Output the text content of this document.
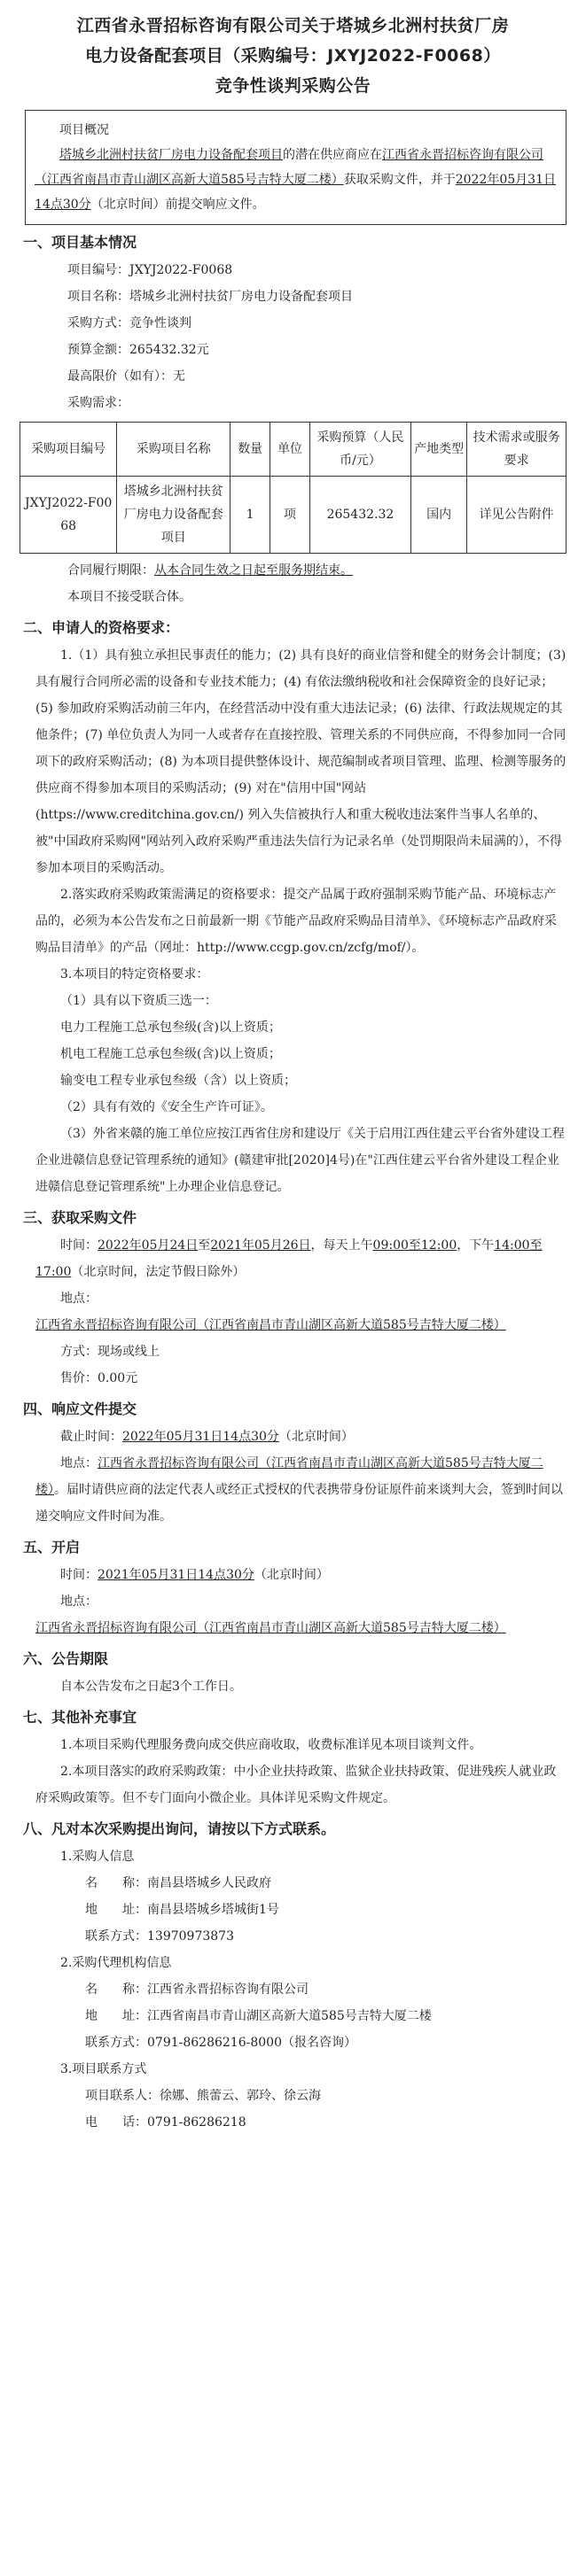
江西省永晋招标咨询有限公司关于塔城乡北洲村扶贫厂房
电力设备配套项目（采购编号：JXYJ2022-F0068）
竞争性谈判采购公告
项目概况
塔城乡北洲村扶贫厂房电力设备配套项目的潜在供应商应在江西省永晋招标咨询有限公司（江西省南昌市青山湖区高新大道585号吉特大厦二楼）获取采购文件，并于2022年05月31日14点30分（北京时间）前提交响应文件。
一、项目基本情况

项目编号：JXYJ2022-F0068

项目名称：塔城乡北洲村扶贫厂房电力设备配套项目

采购方式：竞争性谈判

预算金额：265432.32元

最高限价（如有）：无

采购需求：

采购项目编号	采购项目名称	数量	单位	采购预算（人民币/元）	产地类型	技术需求或服务要求
JXYJ2022-F0068	塔城乡北洲村扶贫厂房电力设备配套项目	1	项	265432.32	国内	详见公告附件

合同履行期限：从本合同生效之日起至服务期结束。

本项目不接受联合体。

二、申请人的资格要求：

1.（1）具有独立承担民事责任的能力；(2) 具有良好的商业信誉和健全的财务会计制度；(3) 具有履行合同所必需的设备和专业技术能力；(4) 有依法缴纳税收和社会保障资金的良好记录；(5) 参加政府采购活动前三年内，在经营活动中没有重大违法记录；(6) 法律、行政法规规定的其他条件；(7) 单位负责人为同一人或者存在直接控股、管理关系的不同供应商，不得参加同一合同项下的政府采购活动；(8) 为本项目提供整体设计、规范编制或者项目管理、监理、检测等服务的供应商不得参加本项目的采购活动；(9) 对在"信用中国"网站 (https://www.creditchina.gov.cn/) 列入失信被执行人和重大税收违法案件当事人名单的、被"中国政府采购网"网站列入政府采购严重违法失信行为记录名单（处罚期限尚未届满的），不得参加本项目的采购活动。

2.落实政府采购政策需满足的资格要求：提交产品属于政府强制采购节能产品、环境标志产品的，必须为本公告发布之日前最新一期《节能产品政府采购品目清单》、《环境标志产品政府采购品目清单》的产品（网址：http://www.ccgp.gov.cn/zcfg/mof/）。

3.本项目的特定资格要求：

（1）具有以下资质三选一：

电力工程施工总承包叁级(含)以上资质；

机电工程施工总承包叁级(含)以上资质；

输变电工程专业承包叁级（含）以上资质；

（2）具有有效的《安全生产许可证》。

（3）外省来赣的施工单位应按江西省住房和建设厅《关于启用江西住建云平台省外建设工程企业进赣信息登记管理系统的通知》(赣建审批[2020]4号)在"江西住建云平台省外建设工程企业进赣信息登记管理系统"上办理企业信息登记。

三、获取采购文件

时间：2022年05月24日至2021年05月26日，每天上午09:00至12:00，下午14:00至17:00（北京时间，法定节假日除外）

地点：江西省永晋招标咨询有限公司（江西省南昌市青山湖区高新大道585号吉特大厦二楼）

方式：现场或线上

售价：0.00元

四、响应文件提交

截止时间：2022年05月31日14点30分（北京时间）

地点：江西省永晋招标咨询有限公司（江西省南昌市青山湖区高新大道585号吉特大厦二楼）。届时请供应商的法定代表人或经正式授权的代表携带身份证原件前来谈判大会，签到时间以递交响应文件时间为准。

五、开启

时间：2021年05月31日14点30分（北京时间）

地点：江西省永晋招标咨询有限公司（江西省南昌市青山湖区高新大道585号吉特大厦二楼）

六、公告期限

自本公告发布之日起3个工作日。

七、其他补充事宜

1.本项目采购代理服务费向成交供应商收取，收费标准详见本项目谈判文件。

2.本项目落实的政府采购政策：中小企业扶持政策、监狱企业扶持政策、促进残疾人就业政府采购政策等。但不专门面向小微企业。具体详见采购文件规定。

八、凡对本次采购提出询问，请按以下方式联系。

1.采购人信息

名　　称：南昌县塔城乡人民政府

地　　址：南昌县塔城乡塔城街1号

联系方式：13970973873

2.采购代理机构信息

名　　称：江西省永晋招标咨询有限公司

地　　址：江西省南昌市青山湖区高新大道585号吉特大厦二楼

联系方式：0791-86286216-8000（报名咨询）

3.项目联系方式

项目联系人：徐娜、熊蕾云、郭玲、徐云海

电　　话：0791-86286218
